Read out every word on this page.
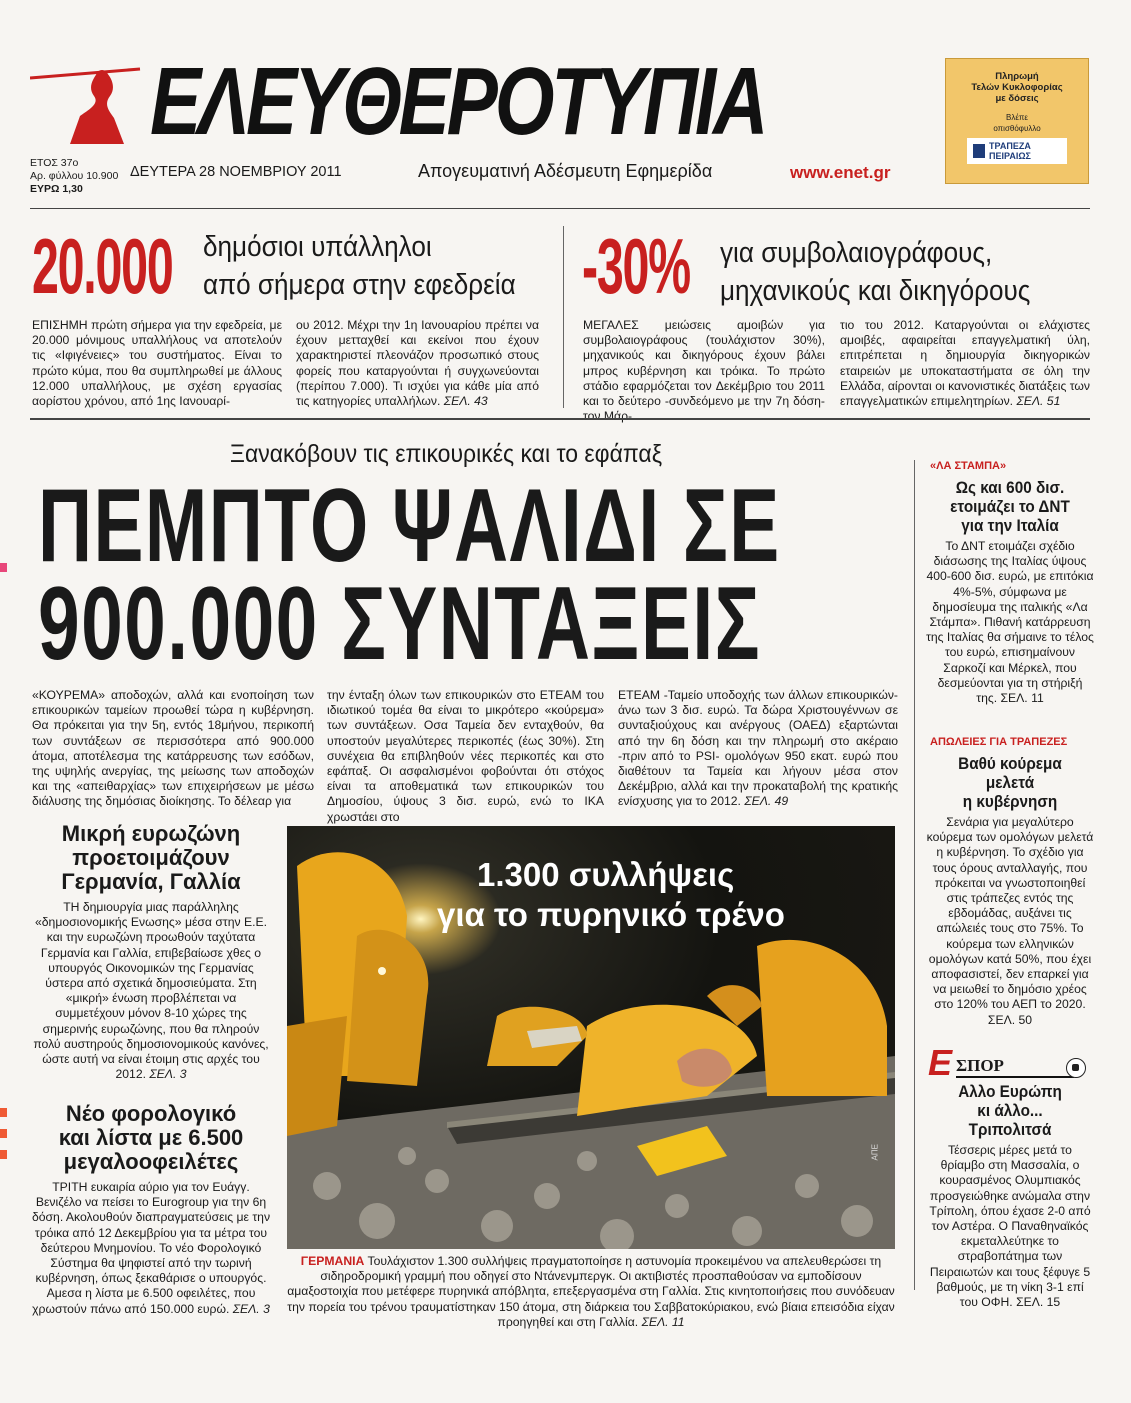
ΕΛΕΥΘΕΡΟΤΥΠΙΑ	Πληρωμή
Τελών Κυκλοφορίας
με δόσεις
Βλέπε
οπισθόφυλλο
ΤΡΑΠΕΖΑ
ΠΕΙΡΑΙΩΣ
ΕΤΟΣ 37ο
Αρ. φύλλου 10.900
ΕΥΡΩ 1,30
ΔΕΥΤΕΡΑ 28 ΝΟΕΜΒΡΙΟΥ 2011	Απογευματινή Αδέσμευτη Εφημερίδα	www.enet.gr
20.000 δημόσιοι υπάλληλοι
από σήμερα στην εφεδρεία
ΕΠΙΣΗΜΗ πρώτη σήμερα για την εφεδρεία, με 20.000 μόνιμους υπαλλήλους να αποτελούν τις «Ιφιγένειες» του συστήματος. Είναι το πρώτο κύμα, που θα συμπληρωθεί με άλλους 12.000 υπαλλήλους, με σχέση εργασίας αορίστου χρόνου, από 1ης Ιανουαρί-
ου 2012. Μέχρι την 1η Ιανουαρίου πρέπει να έχουν μετταχθεί και εκείνοι που έχουν χαρακτηριστεί πλεονάζον προσωπικό στους φορείς που καταργούνται ή συγχωνεύονται (περίπου 7.000). Τι ισχύει για κάθε μία από τις κατηγορίες υπαλλήλων. ΣΕΛ. 43
-30% για συμβολαιογράφους,
μηχανικούς και δικηγόρους
ΜΕΓΑΛΕΣ μειώσεις αμοιβών για συμβολαιογράφους (τουλάχιστον 30%), μηχανικούς και δικηγόρους έχουν βάλει μπρος κυβέρνηση και τρόικα. Το πρώτο στάδιο εφαρμόζεται τον Δεκέμβριο του 2011 και το δεύτερο -συνδεόμενο με την 7η δόση- τον Μάρ-
τιο του 2012. Καταργούνται οι ελάχιστες αμοιβές, αφαιρείται επαγγελματική ύλη, επιτρέπεται η δημιουργία δικηγορικών εταιρειών με υποκαταστήματα σε όλη την Ελλάδα, αίρονται οι κανονιστικές διατάξεις των επαγγελματικών επιμελητηρίων. ΣΕΛ. 51
Ξανακόβουν τις επικουρικές και το εφάπαξ
ΠΕΜΠΤΟ ΨΑΛΙΔΙ ΣΕ
900.000 ΣΥΝΤΑΞΕΙΣ
«ΚΟΥΡΕΜΑ» αποδοχών, αλλά και ενοποίηση των επικουρικών ταμείων προωθεί τώρα η κυβέρνηση. Θα πρόκειται για την 5η, εντός 18μήνου, περικοπή των συντάξεων σε περισσότερα από 900.000 άτομα, αποτέλεσμα της κατάρρευσης των εσόδων, της υψηλής ανεργίας, της μείωσης των αποδοχών και της «απειθαρχίας» των επιχειρήσεων με μέσω διάλυσης της δημόσιας διοίκησης. Το δέλεαρ για
την ένταξη όλων των επικουρικών στο ΕΤΕΑΜ του ιδιωτικού τομέα θα είναι το μικρότερο «κούρεμα» των συντάξεων. Οσα Ταμεία δεν ενταχθούν, θα υποστούν μεγαλύτερες περικοπές (έως 30%). Στη συνέχεια θα επιβληθούν νέες περικοπές και στο εφάπαξ. Οι ασφαλισμένοι φοβούνται ότι στόχος είναι τα αποθεματικά των επικουρικών του Δημοσίου, ύψους 3 δισ. ευρώ, ενώ το ΙΚΑ χρωστάει στο
ΕΤΕΑΜ -Ταμείο υποδοχής των άλλων επικουρικών- άνω των 3 δισ. ευρώ. Τα δώρα Χριστουγέννων σε συνταξιούχους και ανέργους (ΟΑΕΔ) εξαρτώνται από την 6η δόση και την πληρωμή στο ακέραιο -πριν από το PSI- ομολόγων 950 εκατ. ευρώ που διαθέτουν τα Ταμεία και λήγουν μέσα στον Δεκέμβριο, αλλά και την προκαταβολή της κρατικής ενίσχυσης για το 2012. ΣΕΛ. 49
Μικρή ευρωζώνη
προετοιμάζουν
Γερμανία, Γαλλία
ΤΗ δημιουργία μιας παράλληλης «δημοσιονομικής Ενωσης» μέσα στην Ε.Ε. και την ευρωζώνη προωθούν ταχύτατα Γερμανία και Γαλλία, επιβεβαίωσε χθες ο υπουργός Οικονομικών της Γερμανίας ύστερα από σχετικά δημοσιεύματα. Στη «μικρή» ένωση προβλέπεται να συμμετέχουν μόνον 8-10 χώρες της σημερινής ευρωζώνης, που θα πληρούν πολύ αυστηρούς δημοσιονομικούς κανόνες, ώστε αυτή να είναι έτοιμη στις αρχές του 2012. ΣΕΛ. 3
Νέο φορολογικό
και λίστα με 6.500
μεγαλοοφειλέτες
ΤΡΙΤΗ ευκαιρία αύριο για τον Ευάγγ. Βενιζέλο να πείσει το Eurogroup για την 6η δόση. Ακολουθούν διαπραγματεύσεις με την τρόικα από 12 Δεκεμβρίου για τα μέτρα του δεύτερου Μνημονίου. Το νέο Φορολογικό Σύστημα θα ψηφιστεί από την τωρινή κυβέρνηση, όπως ξεκαθάρισε ο υπουργός. Αμεσα η λίστα με 6.500 οφειλέτες, που χρωστούν πάνω από 150.000 ευρώ. ΣΕΛ. 3
1.300 συλλήψεις
για το πυρηνικό τρένο
ΑΠΕ
ΓΕΡΜΑΝΙΑ Τουλάχιστον 1.300 συλλήψεις πραγματοποίησε η αστυνομία προκειμένου να απελευθερώσει τη σιδηροδρομική γραμμή που οδηγεί στο Ντάνενμπεργκ. Οι ακτιβιστές προσπαθούσαν να εμποδίσουν αμαξοστοιχία που μετέφερε πυρηνικά απόβλητα, επεξεργασμένα στη Γαλλία. Στις κινητοποιήσεις που συνόδευαν την πορεία του τρένου τραυματίστηκαν 150 άτομα, στη διάρκεια του Σαββατοκύριακου, ενώ βίαια επεισόδια είχαν προηγηθεί και στη Γαλλία. ΣΕΛ. 11
«ΛΑ ΣΤΑΜΠΑ»
Ως και 600 δισ.
ετοιμάζει το ΔΝΤ
για την Ιταλία
Το ΔΝΤ ετοιμάζει σχέδιο διάσωσης της Ιταλίας ύψους 400-600 δισ. ευρώ, με επιτόκια 4%-5%, σύμφωνα με δημοσίευμα της ιταλικής «Λα Στάμπα». Πιθανή κατάρρευση της Ιταλίας θα σήμαινε το τέλος του ευρώ, επισημαίνουν Σαρκοζί και Μέρκελ, που δεσμεύονται για τη στήριξή της. ΣΕΛ. 11
ΑΠΩΛΕΙΕΣ ΓΙΑ ΤΡΑΠΕΖΕΣ
Βαθύ κούρεμα
μελετά
η κυβέρνηση
Σενάρια για μεγαλύτερο κούρεμα των ομολόγων μελετά η κυβέρνηση. Το σχέδιο για τους όρους ανταλλαγής, που πρόκειται να γνωστοποιηθεί στις τράπεζες εντός της εβδομάδας, αυξάνει τις απώλειές τους στο 75%. Το κούρεμα των ελληνικών ομολόγων κατά 50%, που έχει αποφασιστεί, δεν επαρκεί για να μειωθεί το δημόσιο χρέος στο 120% του ΑΕΠ το 2020. ΣΕΛ. 50
Ε ΣΠΟΡ
Αλλο Ευρώπη
κι άλλο...
Τριπολιτσά
Τέσσερις μέρες μετά το θρίαμβο στη Μασσαλία, ο κουρασμένος Ολυμπιακός προσγειώθηκε ανώμαλα στην Τρίπολη, όπου έχασε 2-0 από τον Αστέρα. Ο Παναθηναϊκός εκμεταλλεύτηκε το στραβοπάτημα των Πειραιωτών και τους ξέφυγε 5 βαθμούς, με τη νίκη 3-1 επί του ΟΦΗ. ΣΕΛ. 15
